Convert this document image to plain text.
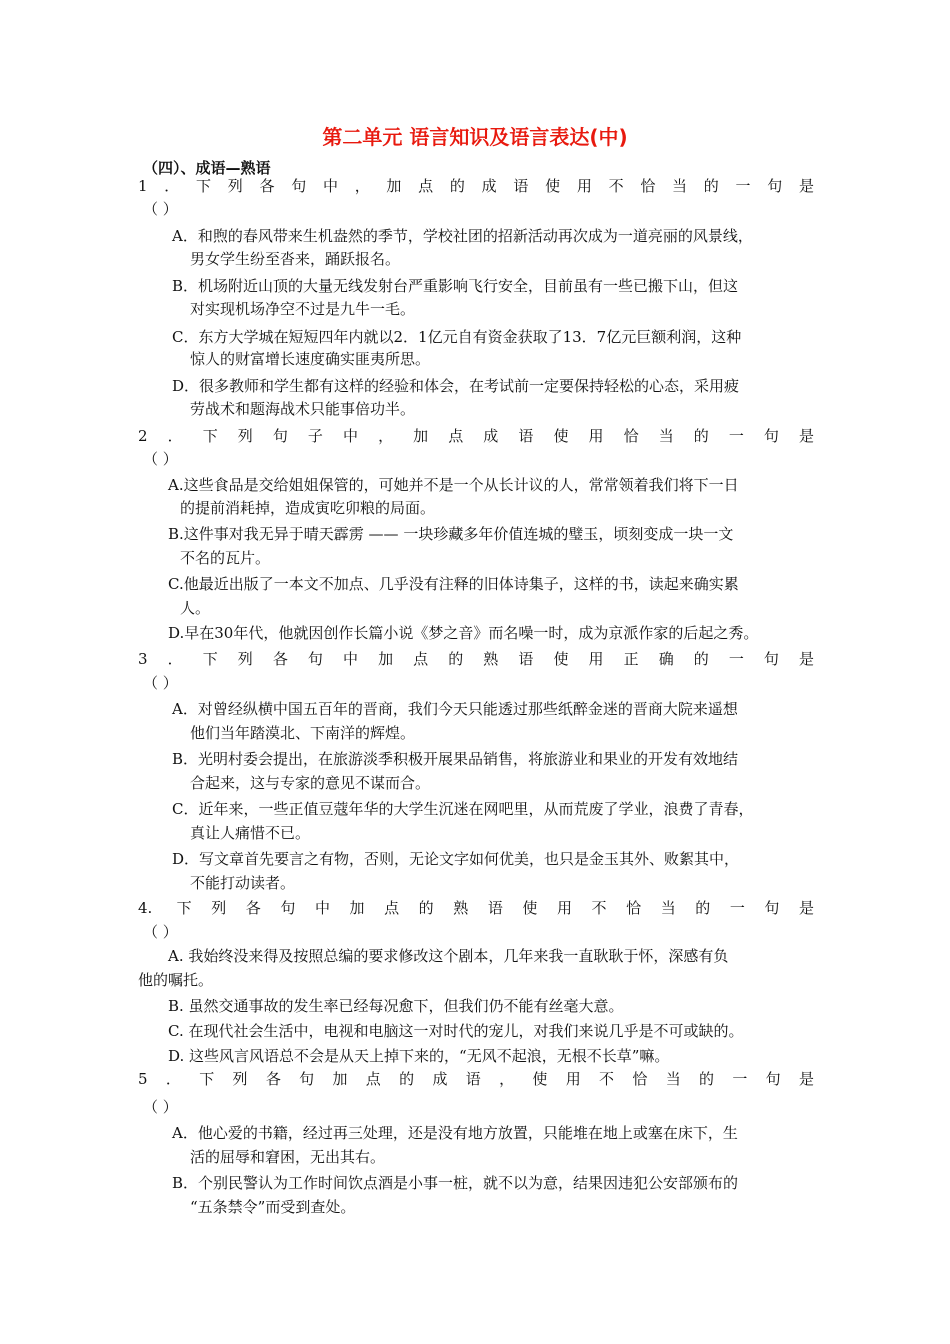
第二单元 语言知识及语言表达(中)
（四）、成语—熟语
1．下列各句中，加点的成语使用不恰当的一句是
（ ）
A．和煦的春风带来生机盎然的季节，学校社团的招新活动再次成为一道亮丽的风景线，
男女学生纷至沓来，踊跃报名。
B．机场附近山顶的大量无线发射台严重影响飞行安全，目前虽有一些已搬下山，但这
对实现机场净空不过是九牛一毛。
C．东方大学城在短短四年内就以2．1亿元自有资金获取了13．7亿元巨额利润，这种
惊人的财富增长速度确实匪夷所思。
D．很多教师和学生都有这样的经验和体会，在考试前一定要保持轻松的心态，采用疲
劳战术和题海战术只能事倍功半。
2．下列句子中，加点成语使用恰当的一句是
（ ）
A.这些食品是交给姐姐保管的，可她并不是一个从长计议的人，常常领着我们将下一日
的提前消耗掉，造成寅吃卯粮的局面。
B.这件事对我无异于晴天霹雳 —— 一块珍藏多年价值连城的璧玉，顷刻变成一块一文
不名的瓦片。
C.他最近出版了一本文不加点、几乎没有注释的旧体诗集子，这样的书，读起来确实累
人。
D.早在30年代，他就因创作长篇小说《梦之音》而名噪一时，成为京派作家的后起之秀。
3．下列各句中加点的熟语使用正确的一句是
（ ）
A．对曾经纵横中国五百年的晋商，我们今天只能透过那些纸醉金迷的晋商大院来遥想
他们当年踏漠北、下南洋的辉煌。
B．光明村委会提出，在旅游淡季积极开展果品销售，将旅游业和果业的开发有效地结
合起来，这与专家的意见不谋而合。
C．近年来，一些正值豆蔻年华的大学生沉迷在网吧里，从而荒废了学业，浪费了青春，
真让人痛惜不已。
D．写文章首先要言之有物，否则，无论文字如何优美，也只是金玉其外、败絮其中，
不能打动读者。
4. 下列各句中加点的熟语使用不恰当的一句是
（ ）
A. 我始终没来得及按照总编的要求修改这个剧本，几年来我一直耿耿于怀，深感有负
他的嘱托。
B. 虽然交通事故的发生率已经每况愈下，但我们仍不能有丝毫大意。
C. 在现代社会生活中，电视和电脑这一对时代的宠儿，对我们来说几乎是不可或缺的。
D. 这些风言风语总不会是从天上掉下来的，“无风不起浪，无根不长草”嘛。
5．下列各句加点的成语，使用不恰当的一句是
（ ）
A．他心爱的书籍，经过再三处理，还是没有地方放置，只能堆在地上或塞在床下，生
活的屈辱和窘困，无出其右。
B．个别民警认为工作时间饮点酒是小事一桩，就不以为意，结果因违犯公安部颁布的
“五条禁令”而受到查处。
